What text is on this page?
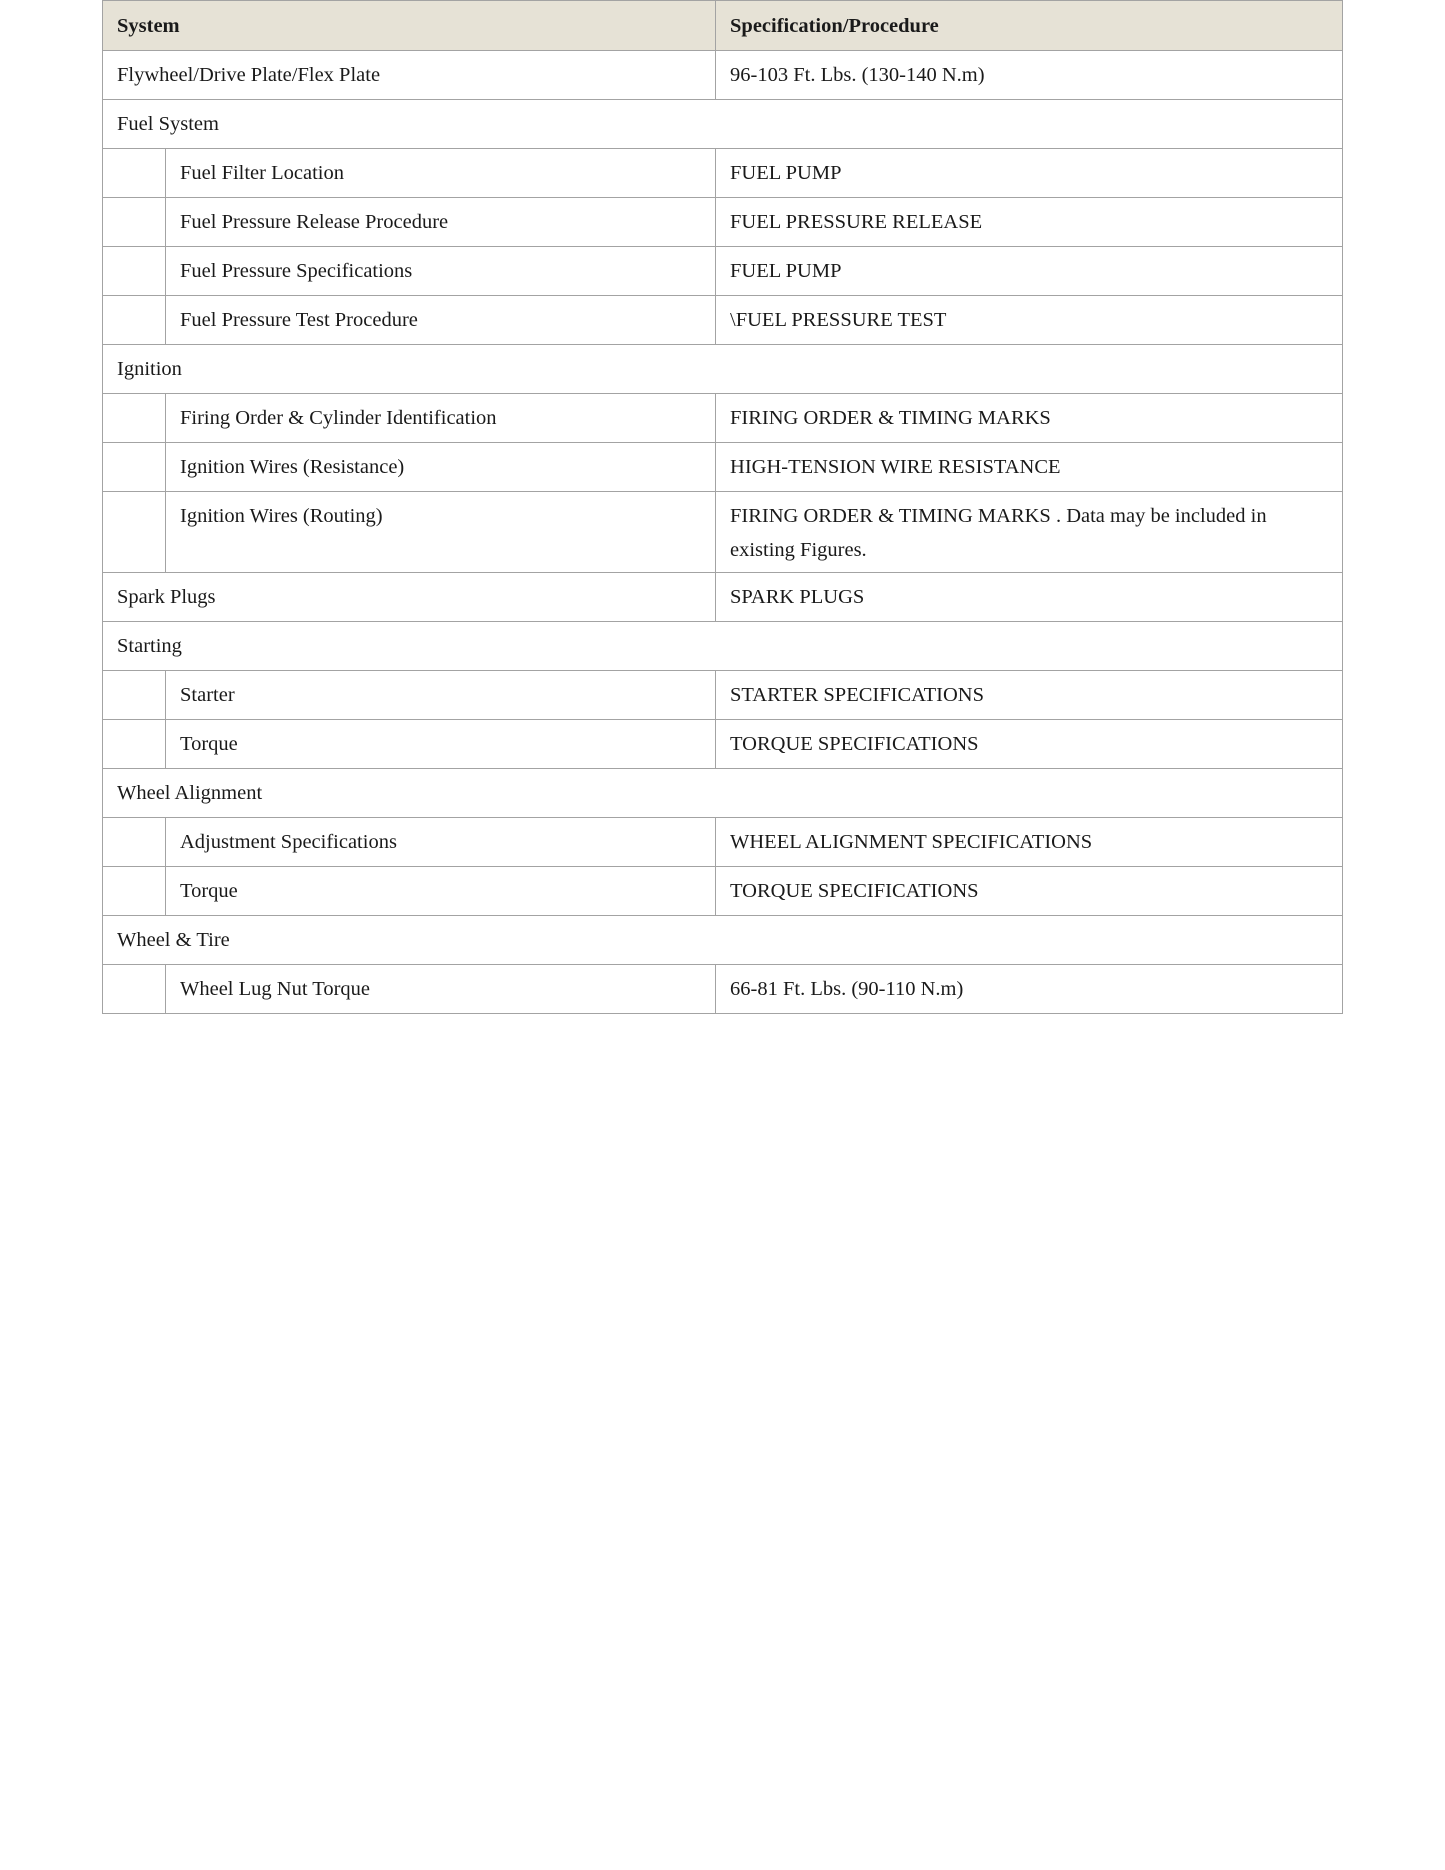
System		Specification/Procedure
Flywheel/Drive Plate/Flex Plate		96-103 Ft. Lbs. (130-140 N.m)
Fuel System		
	Fuel Filter Location	FUEL PUMP
	Fuel Pressure Release Procedure	FUEL PRESSURE RELEASE
	Fuel Pressure Specifications	FUEL PUMP
	Fuel Pressure Test Procedure	\FUEL PRESSURE TEST
Ignition		
	Firing Order & Cylinder Identification	FIRING ORDER & TIMING MARKS
	Ignition Wires (Resistance)	HIGH-TENSION WIRE RESISTANCE
	Ignition Wires (Routing)	FIRING ORDER & TIMING MARKS . Data may be included in existing Figures.
Spark Plugs		SPARK PLUGS
Starting		
	Starter	STARTER SPECIFICATIONS
	Torque	TORQUE SPECIFICATIONS
Wheel Alignment		
	Adjustment Specifications	WHEEL ALIGNMENT SPECIFICATIONS
	Torque	TORQUE SPECIFICATIONS
Wheel & Tire		
	Wheel Lug Nut Torque	66-81 Ft. Lbs. (90-110 N.m)
